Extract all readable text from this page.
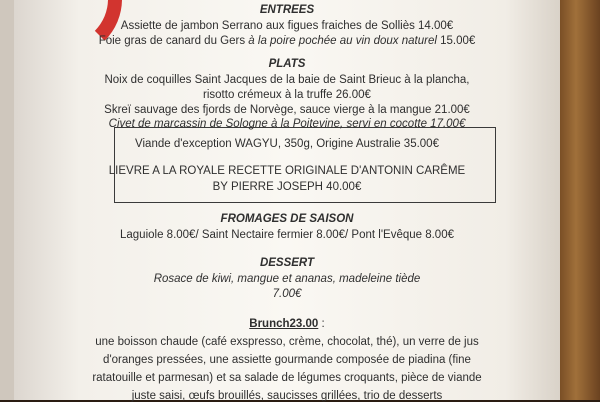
ENTREES
Assiette de jambon Serrano aux figues fraiches de Solliès 14.00€
Foie gras de canard du Gers à la poire pochée au vin doux naturel 15.00€
PLATS
Noix de coquilles Saint Jacques de la baie de Saint Brieuc à la plancha,
risotto crémeux à la truffe 26.00€
Skreï sauvage des fjords de Norvège, sauce vierge à la mangue 21.00€
Civet de marcassin de Sologne à la Poitevine, servi en cocotte 17.00€
Viande d'exception WAGYU, 350g, Origine Australie 35.00€
LIEVRE A LA ROYALE RECETTE ORIGINALE D'ANTONIN CARÊME
BY PIERRE JOSEPH 40.00€
FROMAGES DE SAISON
Laguiole 8.00€/ Saint Nectaire fermier 8.00€/ Pont l'Evêque 8.00€
DESSERT
Rosace de kiwi, mangue et ananas, madeleine tiède
7.00€
Brunch23.00 :
une boisson chaude (café exspresso, crème, chocolat, thé), un verre de jus
d'oranges pressées, une assiette gourmande composée de piadina (fine
ratatouille et parmesan) et sa salade de légumes croquants, pièce de viande
juste saisi, œufs brouillés, saucisses grillées, trio de desserts
